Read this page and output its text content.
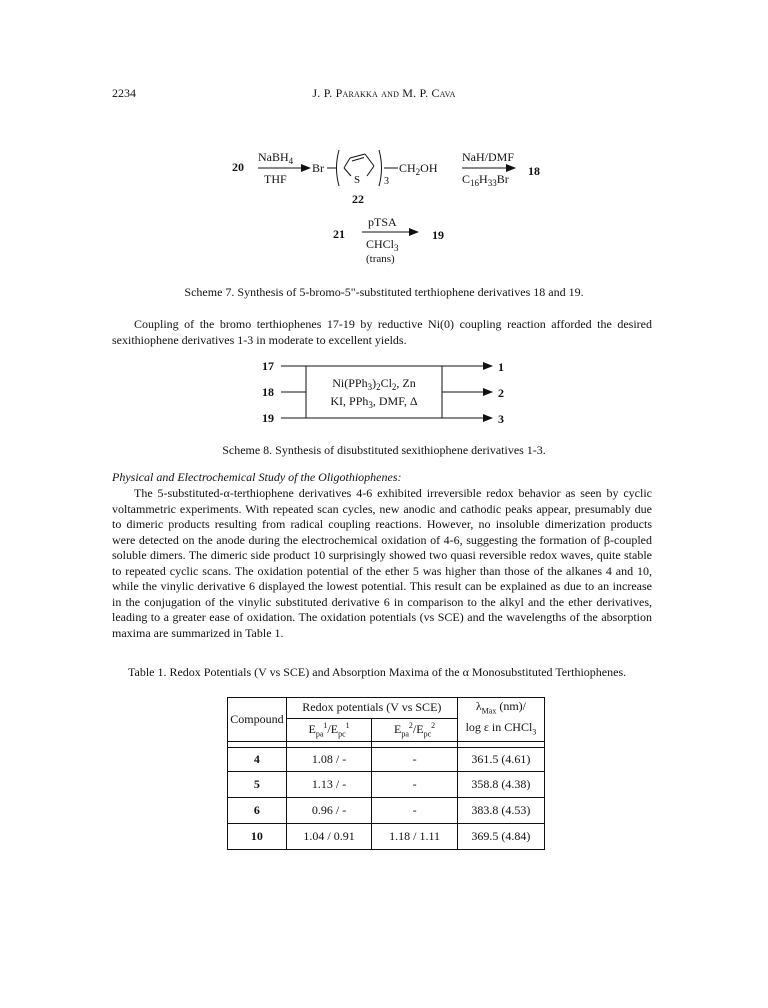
2234	J. P. Parakka and M. P. Cava
20
NaBH$_4$
THF
Br
S 3
$CH_2OH$
22
NaH/DMF
$C_{16}H_{33}Br$
18
21
pTSA
CHCl$_3$
(trans)
19
17
18
19
$Ni(PPh_3)_2Cl_2$, Zn
KI, PPh$_3$, DMF, Δ
1
2
3
Scheme 7. Synthesis of 5-bromo-5"-substituted terthiophene derivatives 18 and 19.

Coupling of the bromo terthiophenes 17-19 by reductive Ni(0) coupling reaction afforded the desired sexithiophene derivatives 1-3 in moderate to excellent yields.

Scheme 8. Synthesis of disubstituted sexithiophene derivatives 1-3.
Physical and Electrochemical Study of the Oligothiophenes:

The 5-substituted-α-terthiophene derivatives 4-6 exhibited irreversible redox behavior as seen by cyclic voltammetric experiments. With repeated scan cycles, new anodic and cathodic peaks appear, presumably due to dimeric products resulting from radical coupling reactions. However, no insoluble dimerization products were detected on the anode during the electrochemical oxidation of 4-6, suggesting the formation of β-coupled soluble dimers. The dimeric side product 10 surprisingly showed two quasi reversible redox waves, quite stable to repeated cyclic scans. The oxidation potential of the ether 5 was higher than those of the alkanes 4 and 10, while the vinylic derivative 6 displayed the lowest potential. This result can be explained as due to an increase in the conjugation of the vinylic substituted derivative 6 in comparison to the alkyl and the ether derivatives, leading to a greater ease of oxidation. The oxidation potentials (vs SCE) and the wavelengths of the absorption maxima are summarized in Table 1.

Table 1. Redox Potentials (V vs SCE) and Absorption Maxima of the α Monosubstituted Terthiophenes.
Compound	Redox potentials (V vs SCE)		$\lambda_{Max}$ (nm)/
log ε in CHCl$_3$

	$E_{pa}^1/E_{pc}^1$	$E_{pa}^2/E_{pc}^2$

4	1.08 / -	-	361.5 (4.61)
5	1.13 / -	-	358.8 (4.38)
6	0.96 / -	-	383.8 (4.53)
10	1.04 / 0.91	1.18 / 1.11	369.5 (4.84)
